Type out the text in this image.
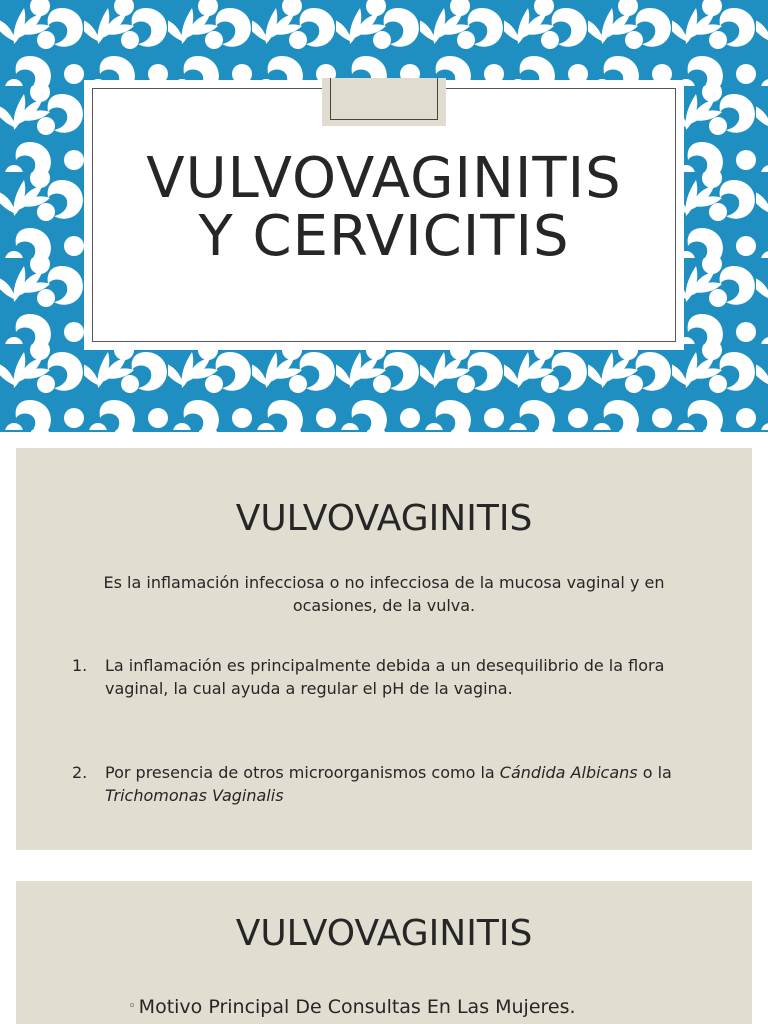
VULVOVAGINITIS
Y CERVICITIS
VULVOVAGINITIS
Es la inflamación infecciosa o no infecciosa de la mucosa vaginal y en ocasiones, de la vulva.
1. La inflamación es principalmente debida a un desequilibrio de la flora vaginal, la cual ayuda a regular el pH de la vagina.
2. Por presencia de otros microorganismos como la Cándida Albicans o la Trichomonas Vaginalis
VULVOVAGINITIS
◦ Motivo Principal De Consultas En Las Mujeres.
